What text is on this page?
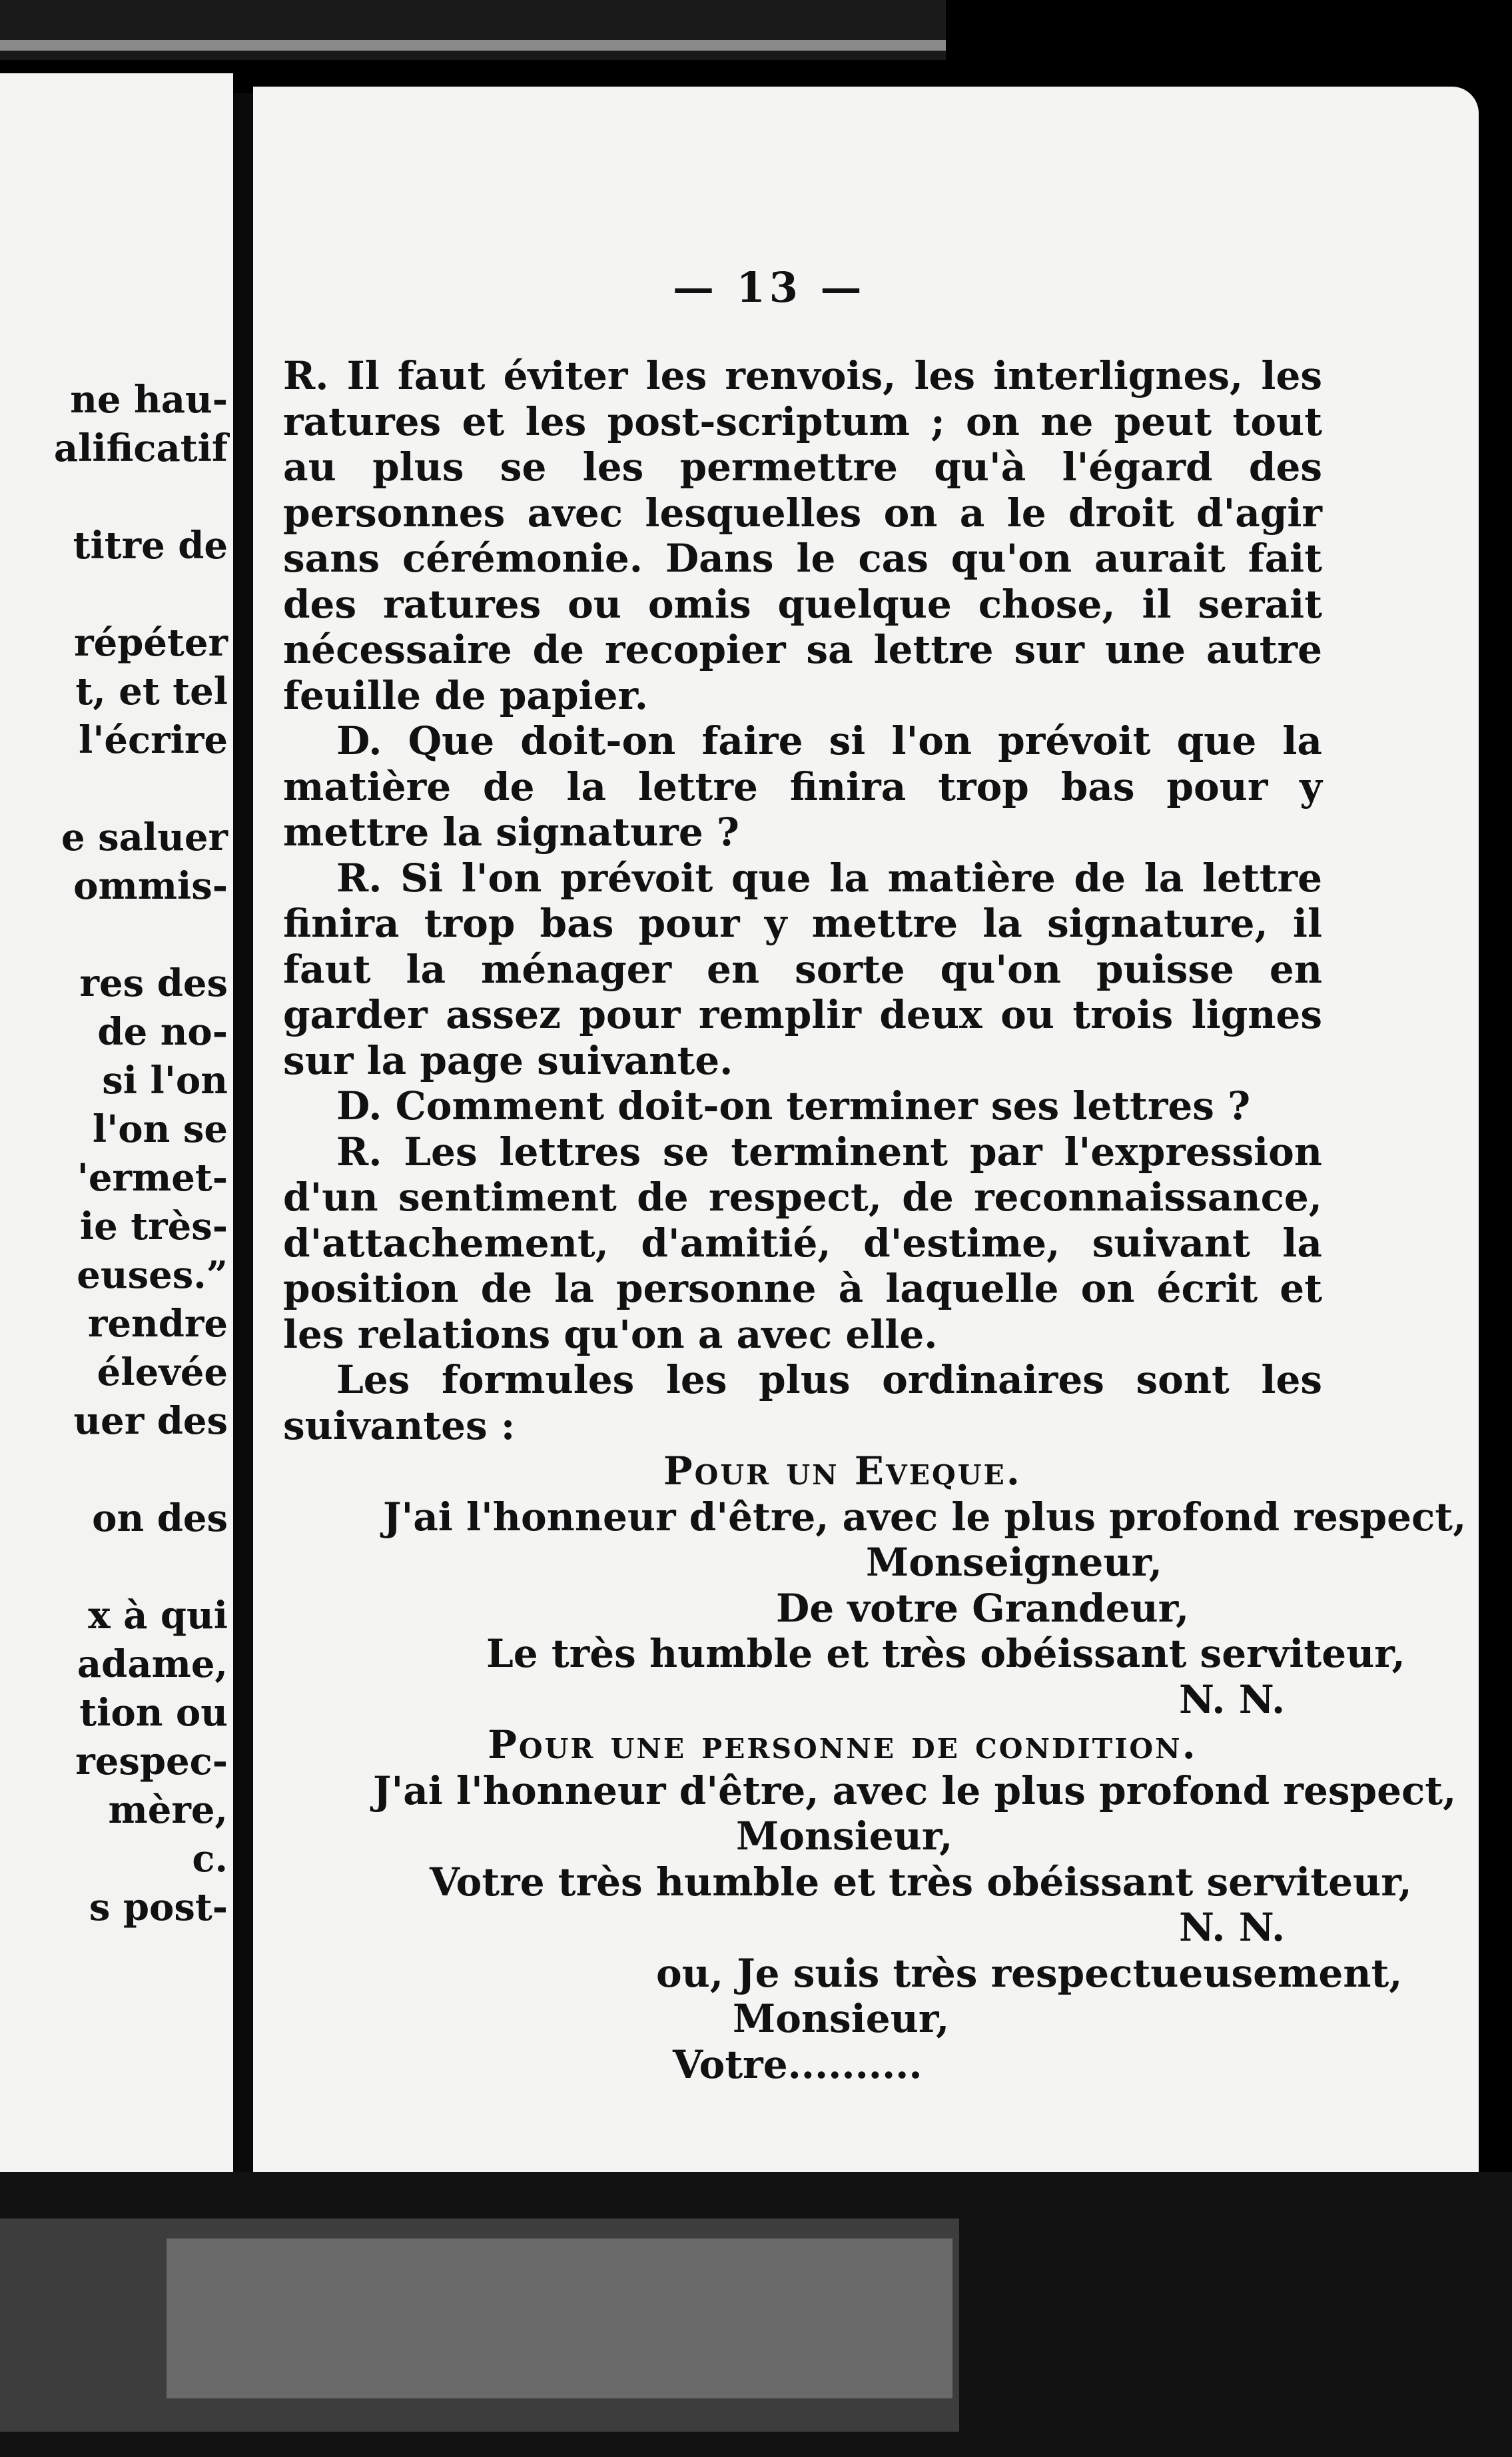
ne hau-
alificatif
titre de
répéter
t, et tel
l'écrire
e saluer
ommis-
res des
de no-
si l'on
l'on se
'ermet-
ie très-
euses.”
rendre
élevée
uer des
on des
x à qui
adame,
tion ou
respec-
mère,
c.
s post-
— 13 —

R. Il faut éviter les renvois, les interlignes, les ratures et les post-scriptum ; on ne peut tout au plus se les permettre qu'à l'égard des personnes avec lesquelles on a le droit d'agir sans cérémonie. Dans le cas qu'on aurait fait des ratures ou omis quelque chose, il serait nécessaire de recopier sa lettre sur une autre feuille de papier.

D. Que doit-on faire si l'on prévoit que la matière de la lettre finira trop bas pour y mettre la signature ?

R. Si l'on prévoit que la matière de la lettre finira trop bas pour y mettre la signature, il faut la ménager en sorte qu'on puisse en garder assez pour remplir deux ou trois lignes sur la page suivante.

D. Comment doit-on terminer ses lettres ?

R. Les lettres se terminent par l'expression d'un sentiment de respect, de reconnaissance, d'attachement, d'amitié, d'estime, suivant la position de la personne à laquelle on écrit et les relations qu'on a avec elle.

Les formules les plus ordinaires sont les suivantes :

Pour un Eveque.

J'ai l'honneur d'être, avec le plus profond respect,

Monseigneur,

De votre Grandeur,

Le très humble et très obéissant serviteur,

N. N.

Pour une personne de condition.

J'ai l'honneur d'être, avec le plus profond respect,

Monsieur,

Votre très humble et très obéissant serviteur,

N. N.

ou, Je suis très respectueusement,

Monsieur,

Votre..........
